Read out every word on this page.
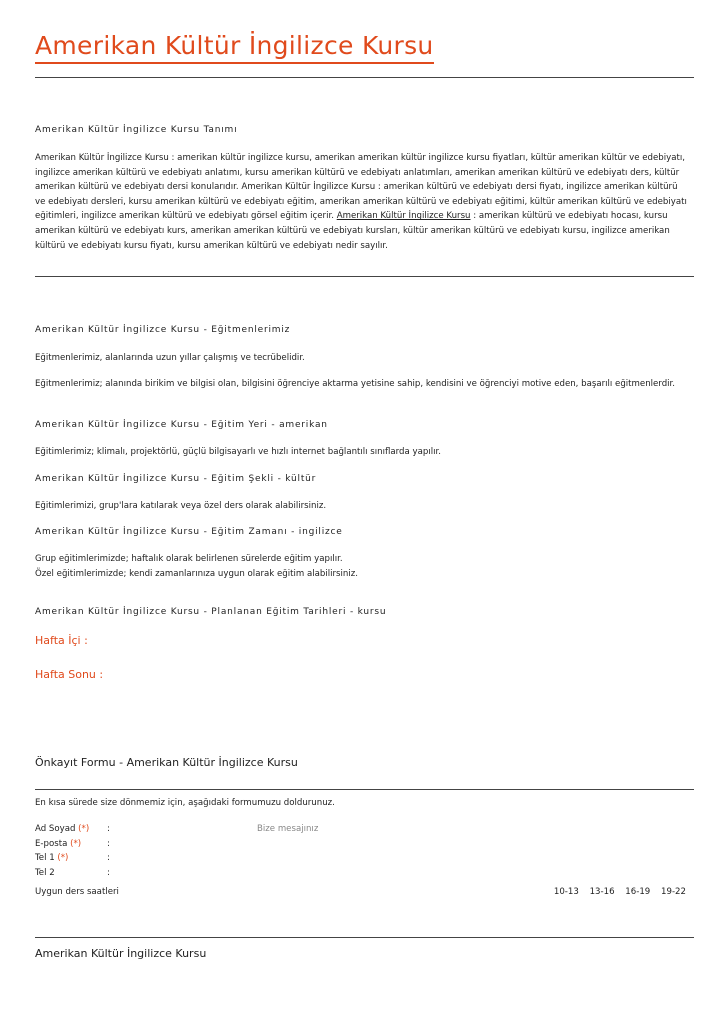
Amerikan Kültür İngilizce Kursu
Amerikan Kültür İngilizce Kursu Tanımı
Amerikan Kültür İngilizce Kursu : amerikan kültür ingilizce kursu, amerikan amerikan kültür ingilizce kursu fiyatları, kültür amerikan kültür ve edebiyatı, ingilizce amerikan kültürü ve edebiyatı anlatımı, kursu amerikan kültürü ve edebiyatı anlatımları, amerikan amerikan kültürü ve edebiyatı ders, kültür amerikan kültürü ve edebiyatı dersi konularıdır. Amerikan Kültür İngilizce Kursu : amerikan kültürü ve edebiyatı dersi fiyatı, ingilizce amerikan kültürü ve edebiyatı dersleri, kursu amerikan kültürü ve edebiyatı eğitim, amerikan amerikan kültürü ve edebiyatı eğitimi, kültür amerikan kültürü ve edebiyatı eğitimleri, ingilizce amerikan kültürü ve edebiyatı görsel eğitim içerir. Amerikan Kültür İngilizce Kursu : amerikan kültürü ve edebiyatı hocası, kursu amerikan kültürü ve edebiyatı kurs, amerikan amerikan kültürü ve edebiyatı kursları, kültür amerikan kültürü ve edebiyatı kursu, ingilizce amerikan kültürü ve edebiyatı kursu fiyatı, kursu amerikan kültürü ve edebiyatı nedir sayılır.
Amerikan Kültür İngilizce Kursu - Eğitmenlerimiz
Eğitmenlerimiz, alanlarında uzun yıllar çalışmış ve tecrübelidir.
Eğitmenlerimiz; alanında birikim ve bilgisi olan, bilgisini öğrenciye aktarma yetisine sahip, kendisini ve öğrenciyi motive eden, başarılı eğitmenlerdir.
Amerikan Kültür İngilizce Kursu - Eğitim Yeri - amerikan
Eğitimlerimiz; klimalı, projektörlü, güçlü bilgisayarlı ve hızlı internet bağlantılı sınıflarda yapılır.
Amerikan Kültür İngilizce Kursu - Eğitim Şekli - kültür
Eğitimlerimizi, grup'lara katılarak veya özel ders olarak alabilirsiniz.
Amerikan Kültür İngilizce Kursu - Eğitim Zamanı - ingilizce
Grup eğitimlerimizde; haftalık olarak belirlenen sürelerde eğitim yapılır.
Özel eğitimlerimizde; kendi zamanlarınıza uygun olarak eğitim alabilirsiniz.
Amerikan Kültür İngilizce Kursu - Planlanan Eğitim Tarihleri - kursu
Hafta İçi :
Hafta Sonu :
Önkayıt Formu - Amerikan Kültür İngilizce Kursu
En kısa sürede size dönmemiz için, aşağıdaki formumuzu doldurunuz.
Ad Soyad (*) :	Bize mesajınız
E-posta (*)	:
Tel 1 (*)	:
Tel 2	:
Uygun ders saatleri	10-13 13-16 16-19 19-22
Amerikan Kültür İngilizce Kursu
